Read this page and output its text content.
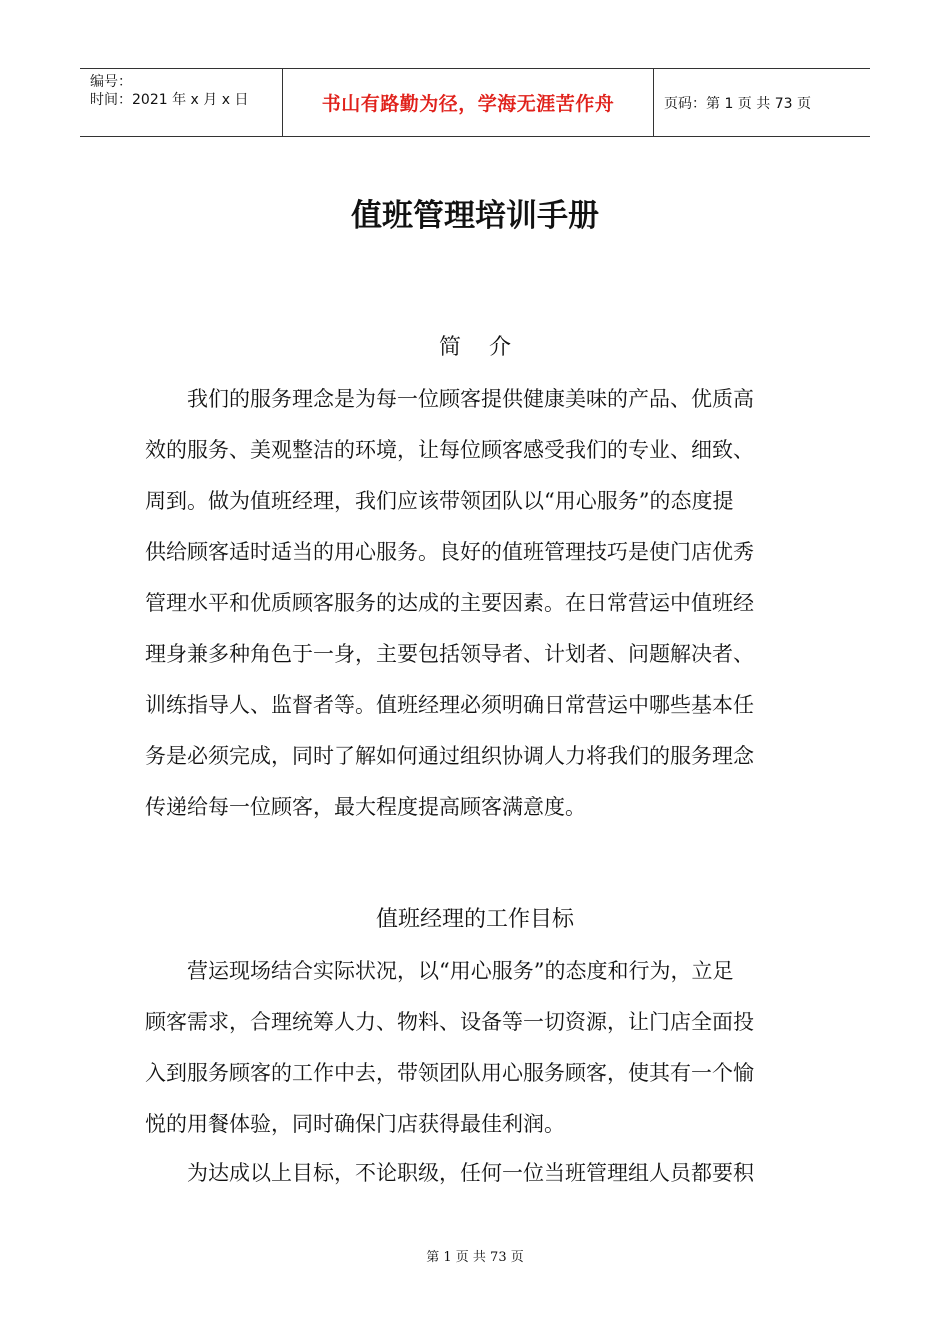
编号：
时间：2021 年 x 月 x 日	书山有路勤为径，学海无涯苦作舟	页码：第 1 页 共 73 页
值班管理培训手册
简介
　　我们的服务理念是为每一位顾客提供健康美味的产品、优质高
效的服务、美观整洁的环境，让每位顾客感受我们的专业、细致、
周到。做为值班经理，我们应该带领团队以“用心服务”的态度提
供给顾客适时适当的用心服务。良好的值班管理技巧是使门店优秀
管理水平和优质顾客服务的达成的主要因素。在日常营运中值班经
理身兼多种角色于一身，主要包括领导者、计划者、问题解决者、
训练指导人、监督者等。值班经理必须明确日常营运中哪些基本任
务是必须完成，同时了解如何通过组织协调人力将我们的服务理念
传递给每一位顾客，最大程度提高顾客满意度。
值班经理的工作目标
　　营运现场结合实际状况，以“用心服务”的态度和行为，立足
顾客需求，合理统筹人力、物料、设备等一切资源，让门店全面投
入到服务顾客的工作中去，带领团队用心服务顾客，使其有一个愉
悦的用餐体验，同时确保门店获得最佳利润。
　　为达成以上目标，不论职级，任何一位当班管理组人员都要积
第 1 页 共 73 页
